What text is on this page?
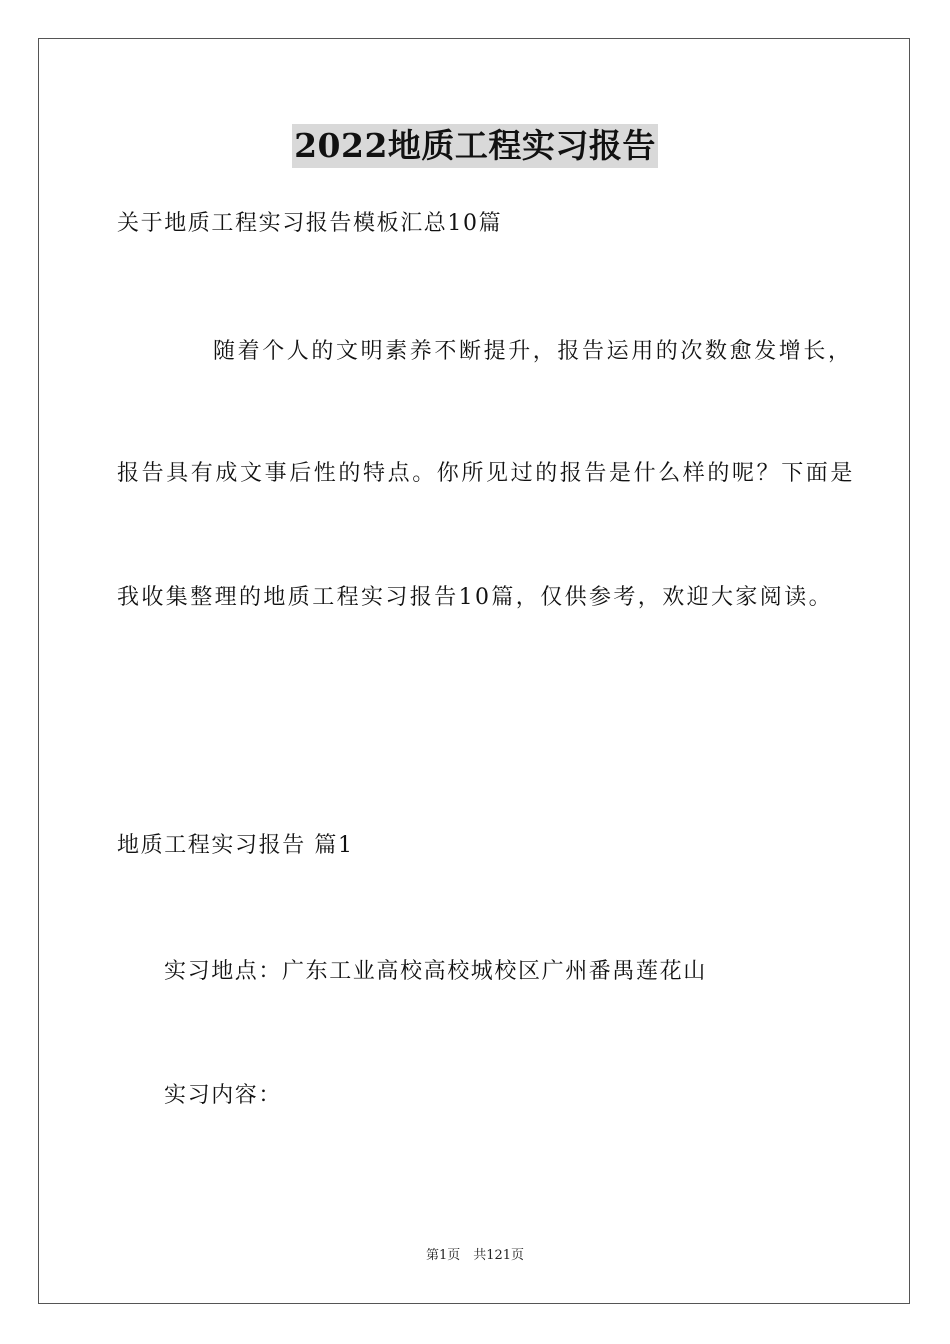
2022地质工程实习报告
关于地质工程实习报告模板汇总10篇
随着个人的文明素养不断提升，报告运用的次数愈发增长，
报告具有成文事后性的特点。你所见过的报告是什么样的呢？下面是
我收集整理的地质工程实习报告10篇，仅供参考，欢迎大家阅读。
地质工程实习报告 篇1
实习地点：广东工业高校高校城校区广州番禺莲花山
实习内容：
第1页　共121页
